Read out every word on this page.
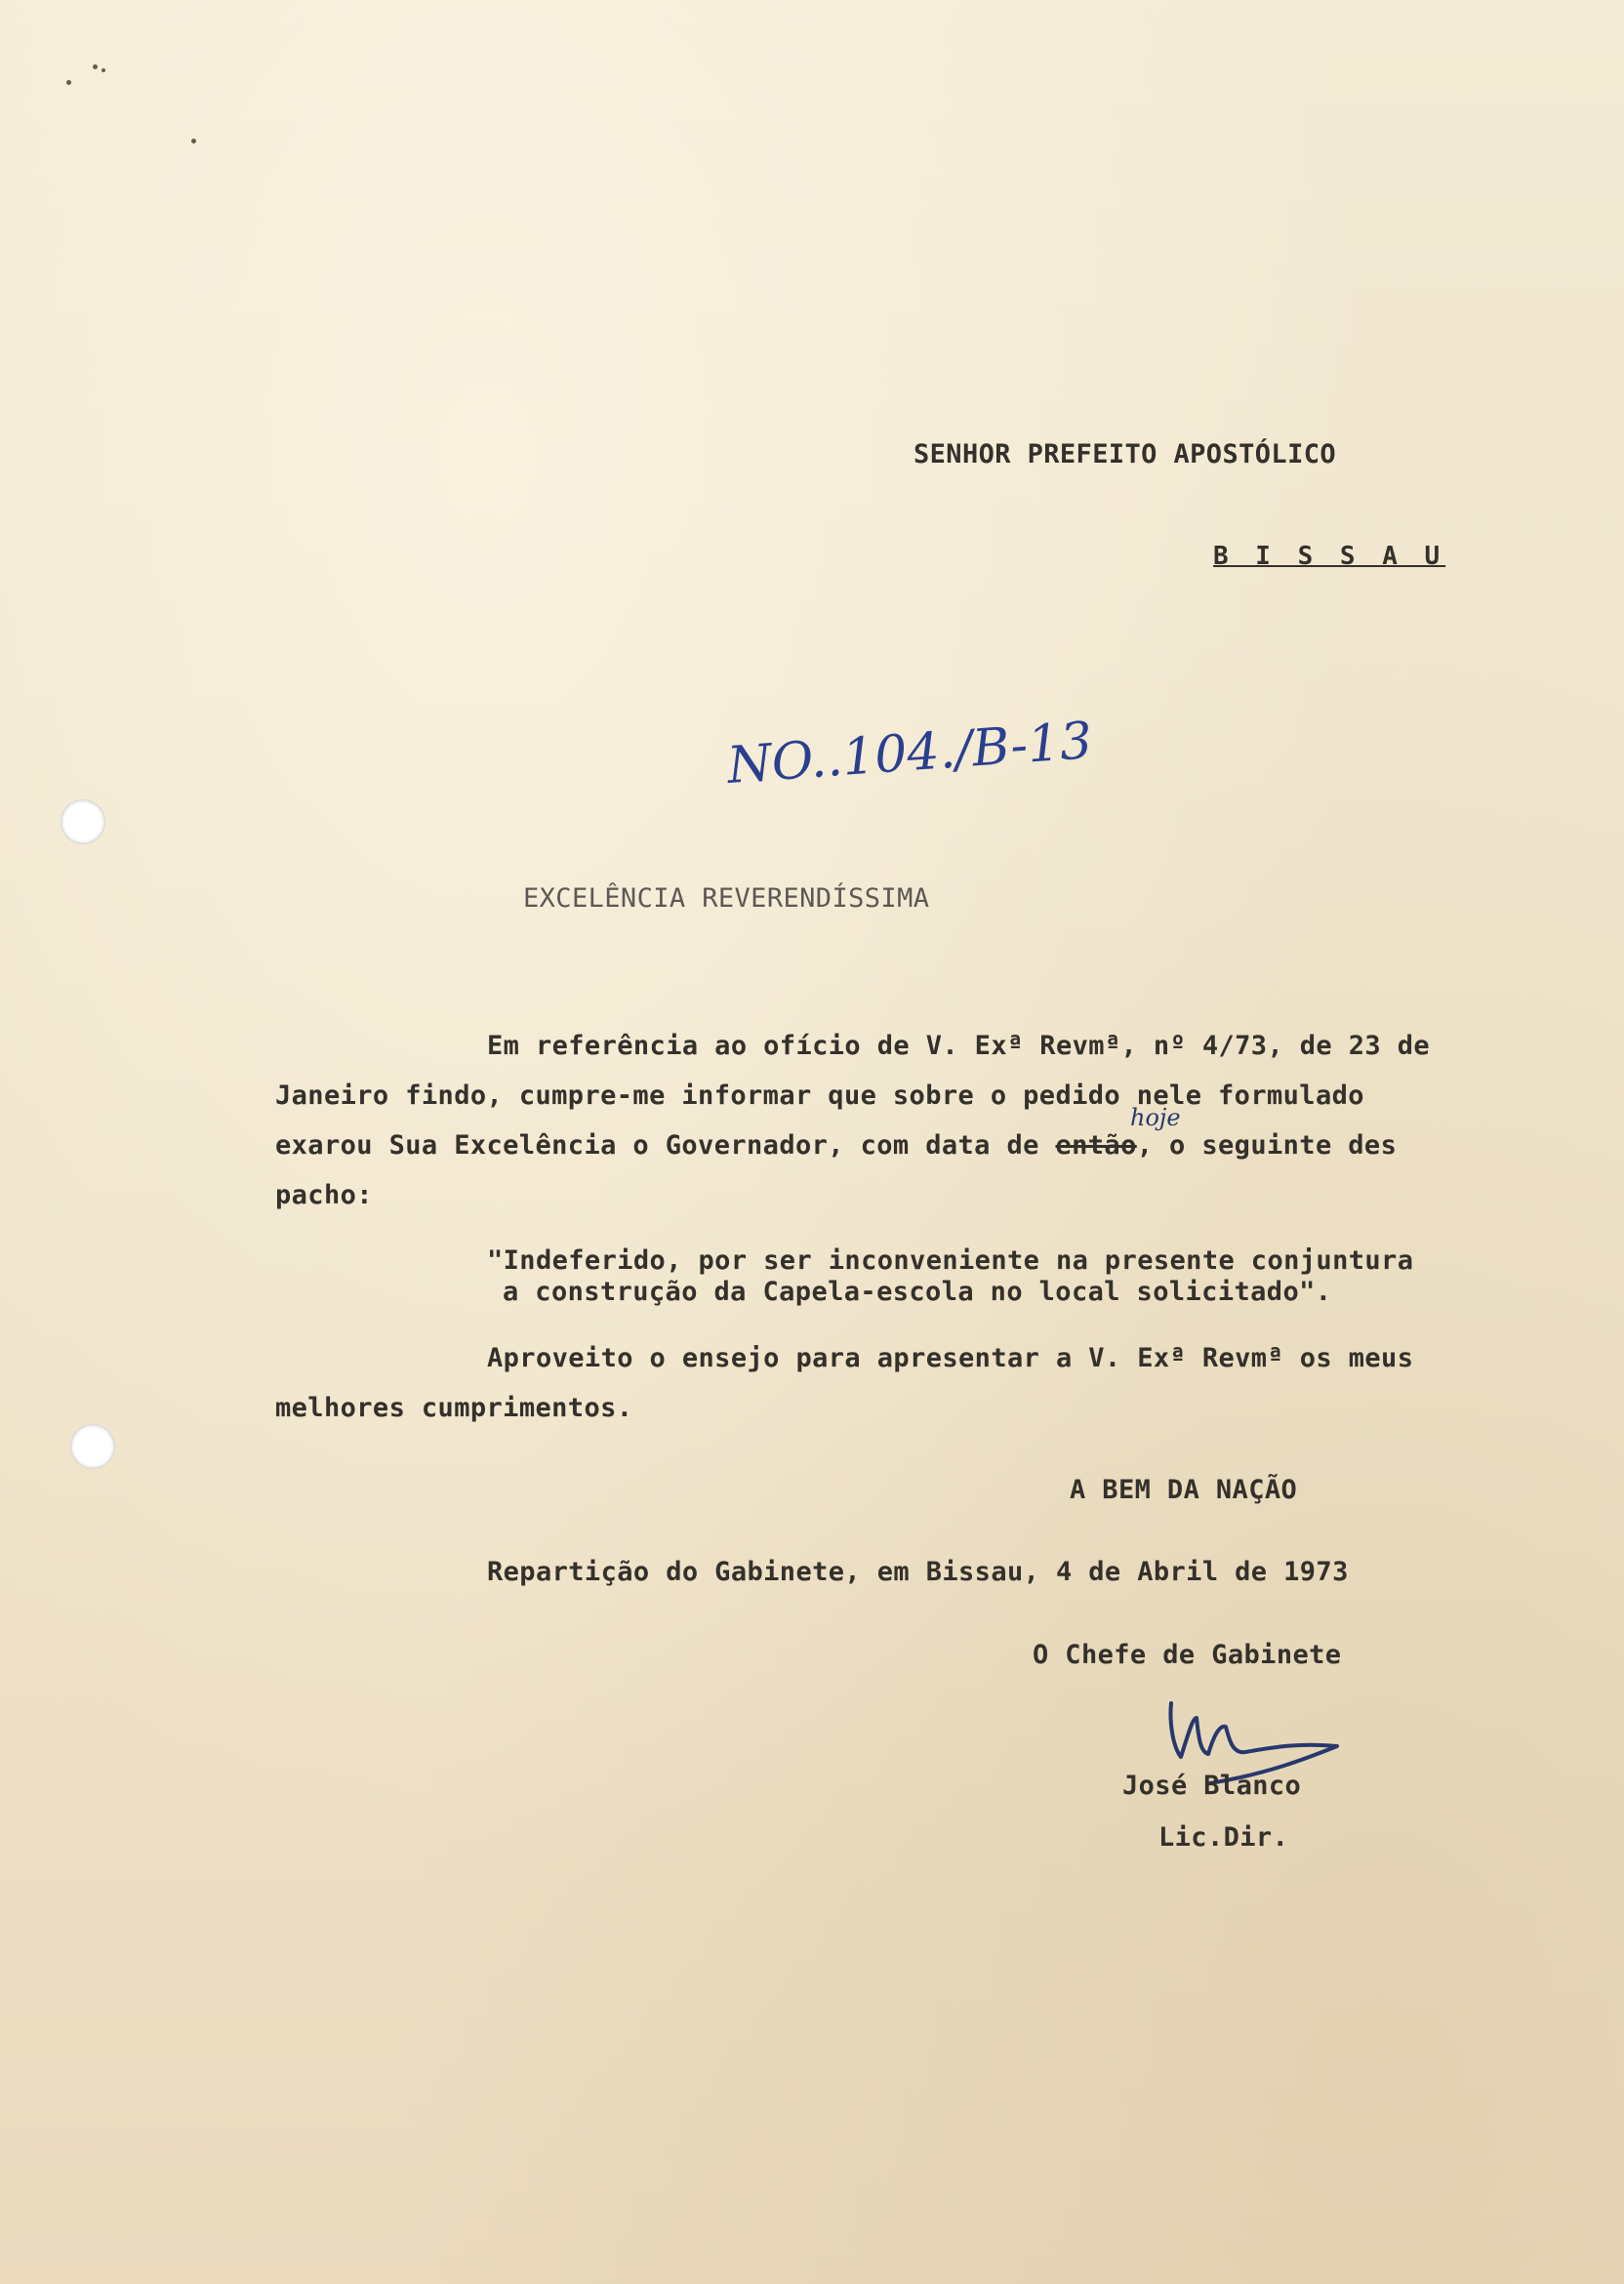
SENHOR PREFEITO APOSTÓLICO
B I S S A U
NO..104./B-13
EXCELÊNCIA REVERENDÍSSIMA
Em referência ao ofício de V. Exª Revmª, nº 4/73, de 23 de
Janeiro findo, cumpre-me informar que sobre o pedido nele formulado
exarou Sua Excelência o Governador, com data de então, o seguinte des
hoje
pacho:
"Indeferido, por ser inconveniente na presente conjuntura
a construção da Capela-escola no local solicitado".
Aproveito o ensejo para apresentar a V. Exª Revmª os meus
melhores cumprimentos.
A BEM DA NAÇÃO
Repartição do Gabinete, em Bissau, 4 de Abril de 1973
O Chefe de Gabinete
José Blanco
Lic.Dir.
